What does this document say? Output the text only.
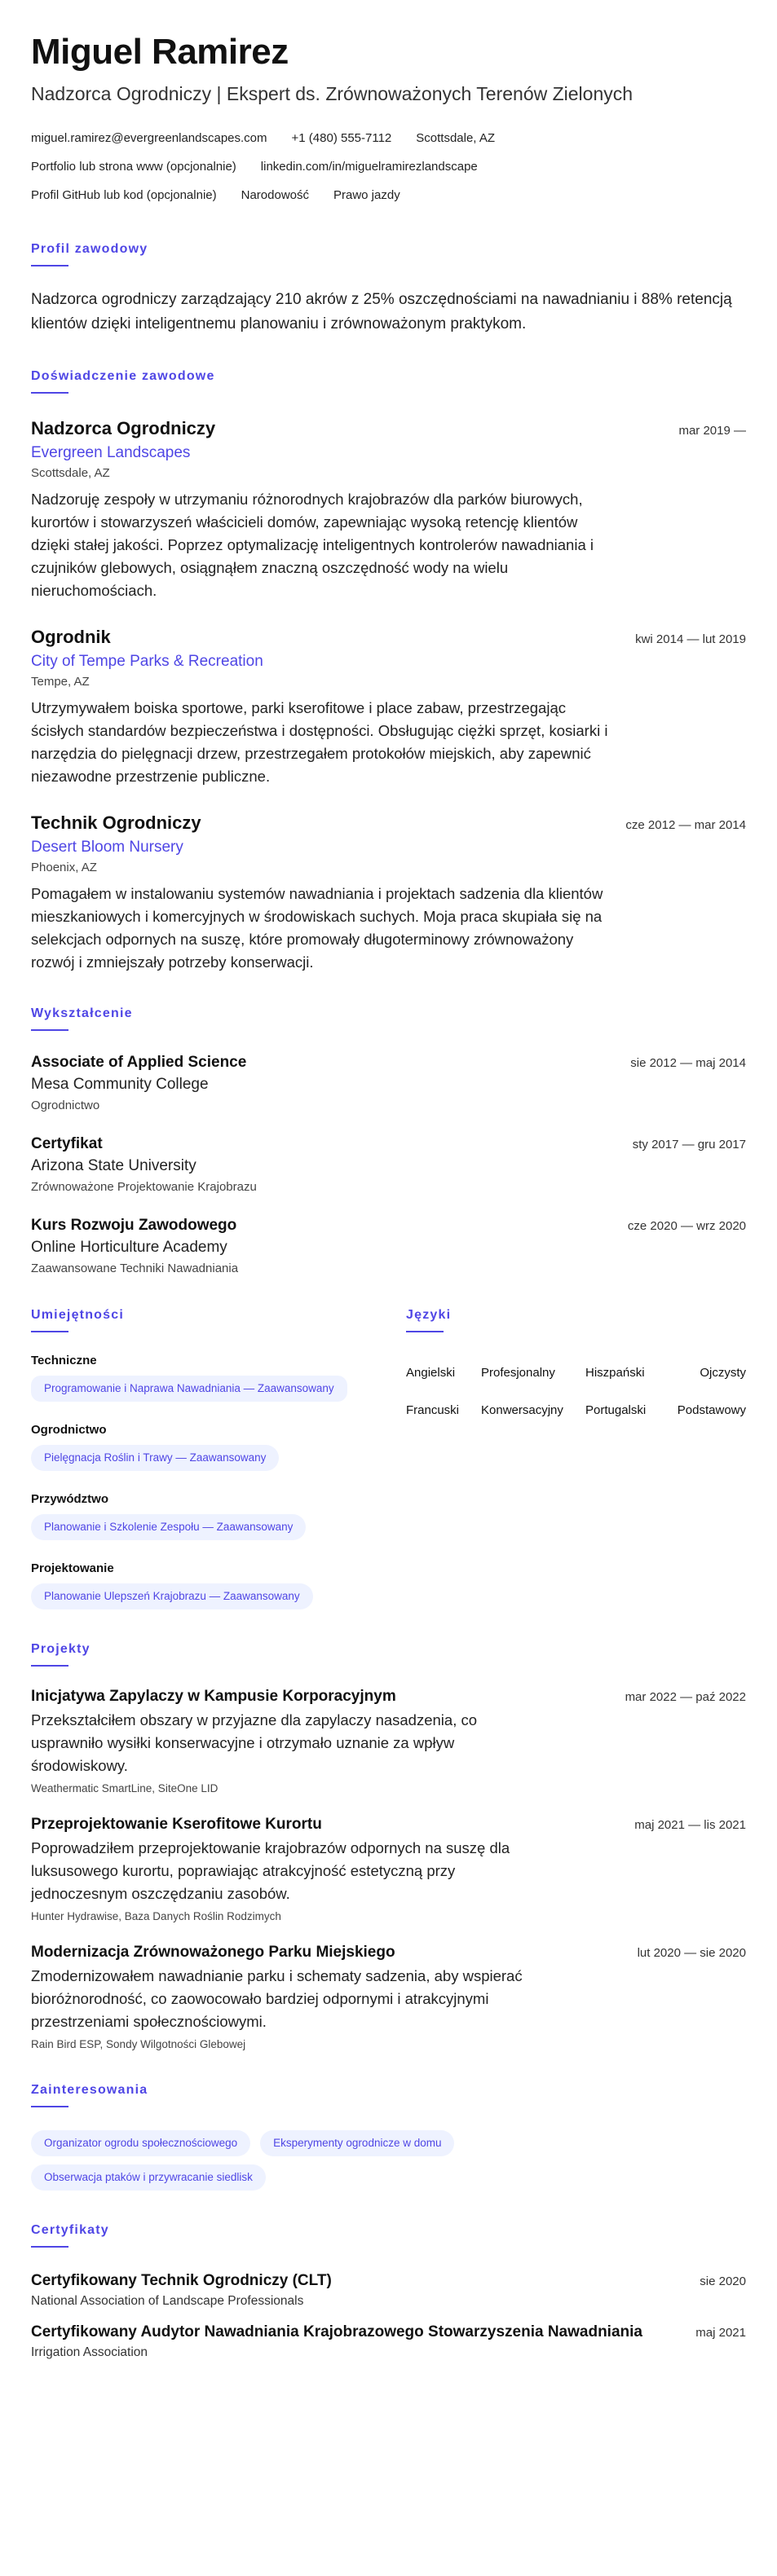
Miguel Ramirez
Nadzorca Ogrodniczy | Ekspert ds. Zrównoważonych Terenów Zielonych
miguel.ramirez@evergreenlandscapes.com +1 (480) 555-7112 Scottsdale, AZ
Portfolio lub strona www (opcjonalnie) linkedin.com/in/miguelramirezlandscape
Profil GitHub lub kod (opcjonalnie) Narodowość Prawo jazdy
Profil zawodowy

Nadzorca ogrodniczy zarządzający 210 akrów z 25% oszczędnościami na nawadnianiu i 88% retencją klientów dzięki inteligentnemu planowaniu i zrównoważonym praktykom.

Doświadczenie zawodowe
Nadzorca Ogrodniczy	mar 2019 —
Evergreen Landscapes
Scottsdale, AZ
Nadzoruję zespoły w utrzymaniu różnorodnych krajobrazów dla parków biurowych, kurortów i stowarzyszeń właścicieli domów, zapewniając wysoką retencję klientów dzięki stałej jakości. Poprzez optymalizację inteligentnych kontrolerów nawadniania i czujników glebowych, osiągnąłem znaczną oszczędność wody na wielu nieruchomościach.
Ogrodnik	kwi 2014 — lut 2019
City of Tempe Parks & Recreation
Tempe, AZ
Utrzymywałem boiska sportowe, parki kserofitowe i place zabaw, przestrzegając ścisłych standardów bezpieczeństwa i dostępności. Obsługując ciężki sprzęt, kosiarki i narzędzia do pielęgnacji drzew, przestrzegałem protokołów miejskich, aby zapewnić niezawodne przestrzenie publiczne.
Technik Ogrodniczy	cze 2012 — mar 2014
Desert Bloom Nursery
Phoenix, AZ
Pomagałem w instalowaniu systemów nawadniania i projektach sadzenia dla klientów mieszkaniowych i komercyjnych w środowiskach suchych. Moja praca skupiała się na selekcjach odpornych na suszę, które promowały długoterminowy zrównoważony rozwój i zmniejszały potrzeby konserwacji.
Wykształcenie
Associate of Applied Science	sie 2012 — maj 2014
Mesa Community College
Ogrodnictwo
Certyfikat	sty 2017 — gru 2017
Arizona State University
Zrównoważone Projektowanie Krajobrazu
Kurs Rozwoju Zawodowego	cze 2020 — wrz 2020
Online Horticulture Academy
Zaawansowane Techniki Nawadniania
Umiejętności
Techniczne
Programowanie i Naprawa Nawadniania — Zaawansowany
Ogrodnictwo
Pielęgnacja Roślin i Trawy — Zaawansowany
Przywództwo
Planowanie i Szkolenie Zespołu — Zaawansowany
Projektowanie
Planowanie Ulepszeń Krajobrazu — Zaawansowany
Języki
Angielski	Profesjonalny	Hiszpański	Ojczysty
Francuski	Konwersacyjny	Portugalski	Podstawowy
Projekty
Inicjatywa Zapylaczy w Kampusie Korporacyjnym	mar 2022 — paź 2022
Przekształciłem obszary w przyjazne dla zapylaczy nasadzenia, co usprawniło wysiłki konserwacyjne i otrzymało uznanie za wpływ środowiskowy.
Weathermatic SmartLine, SiteOne LID
Przeprojektowanie Kserofitowe Kurortu	maj 2021 — lis 2021
Poprowadziłem przeprojektowanie krajobrazów odpornych na suszę dla luksusowego kurortu, poprawiając atrakcyjność estetyczną przy jednoczesnym oszczędzaniu zasobów.
Hunter Hydrawise, Baza Danych Roślin Rodzimych
Modernizacja Zrównoważonego Parku Miejskiego	lut 2020 — sie 2020
Zmodernizowałem nawadnianie parku i schematy sadzenia, aby wspierać bioróżnorodność, co zaowocowało bardziej odpornymi i atrakcyjnymi przestrzeniami społecznościowymi.
Rain Bird ESP, Sondy Wilgotności Glebowej
Zainteresowania
Organizator ogrodu społecznościowego	Eksperymenty ogrodnicze w domu
Obserwacja ptaków i przywracanie siedlisk
Certyfikaty
Certyfikowany Technik Ogrodniczy (CLT)	sie 2020
National Association of Landscape Professionals
Certyfikowany Audytor Nawadniania Krajobrazowego Stowarzyszenia Nawadniania	maj 2021
Irrigation Association
